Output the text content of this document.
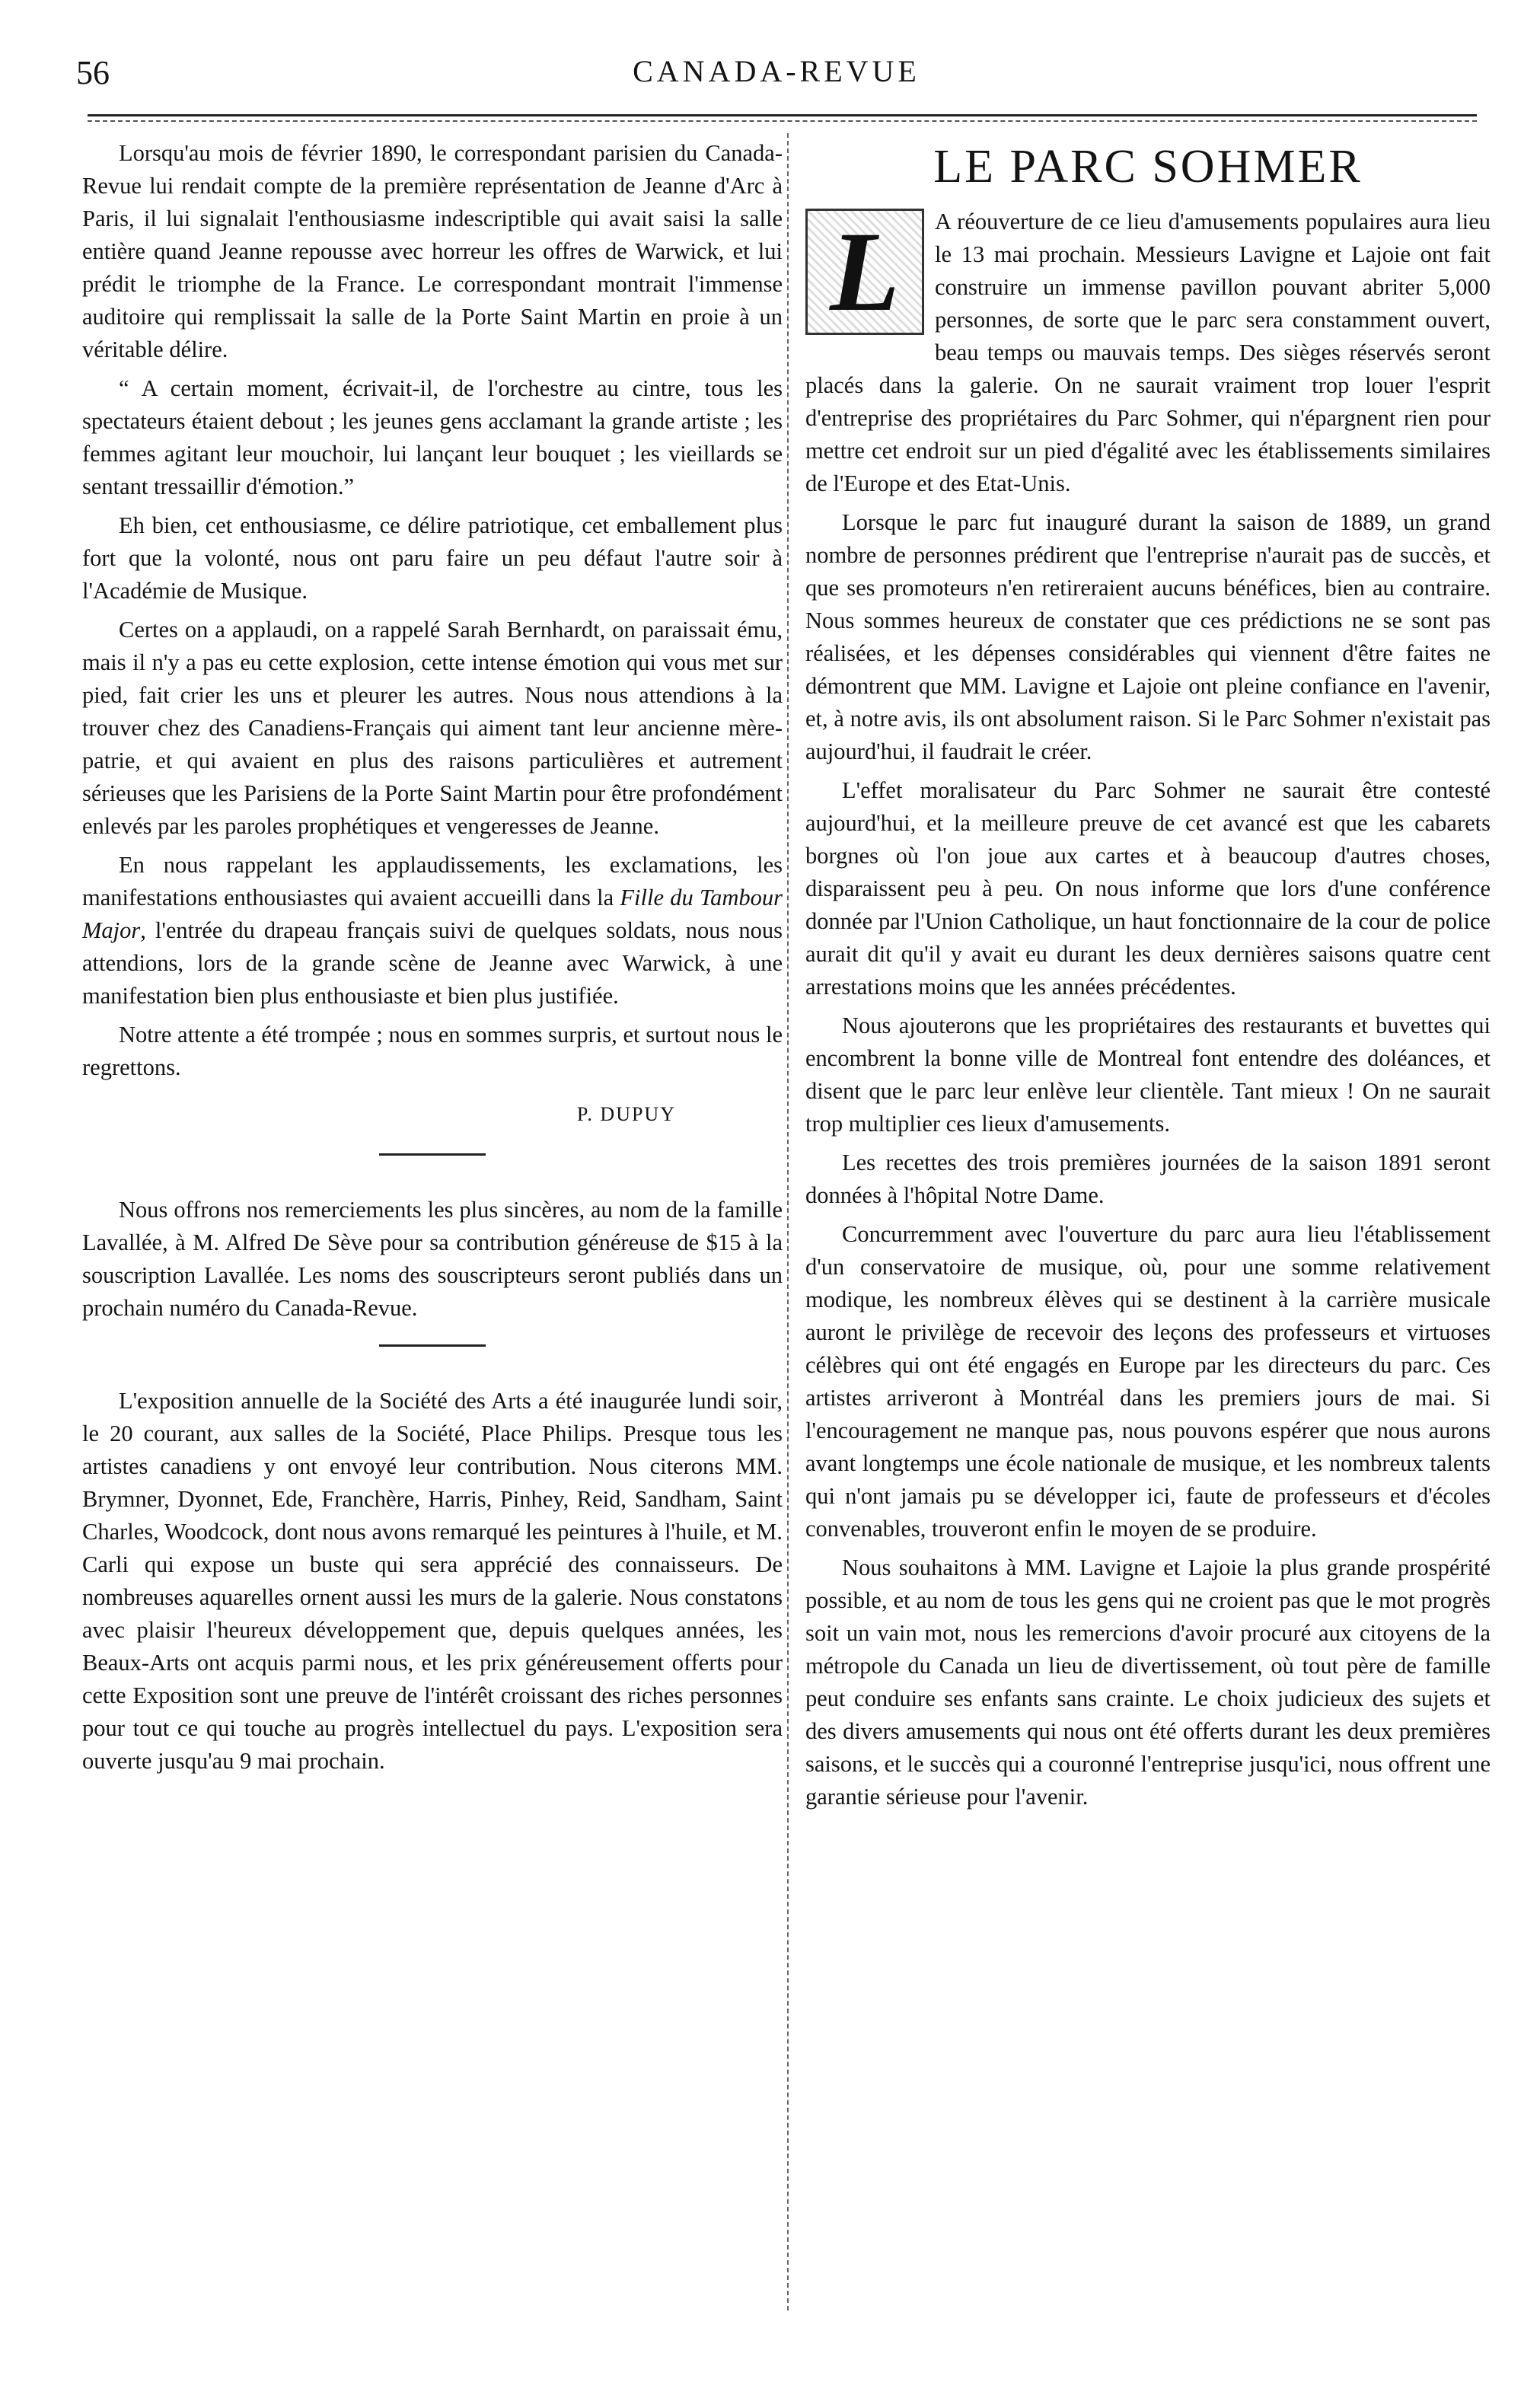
56	CANADA-REVUE

Lorsqu'au mois de février 1890, le correspondant parisien du Canada-Revue lui rendait compte de la première représentation de Jeanne d'Arc à Paris, il lui signalait l'enthousiasme indescriptible qui avait saisi la salle entière quand Jeanne repousse avec horreur les offres de Warwick, et lui prédit le triomphe de la France. Le correspondant montrait l'immense auditoire qui remplissait la salle de la Porte Saint Martin en proie à un véritable délire.

“ A certain moment, écrivait-il, de l'orchestre au cintre, tous les spectateurs étaient debout ; les jeunes gens acclamant la grande artiste ; les femmes agitant leur mouchoir, lui lançant leur bouquet ; les vieillards se sentant tressaillir d'émotion.”

Eh bien, cet enthousiasme, ce délire patriotique, cet emballement plus fort que la volonté, nous ont paru faire un peu défaut l'autre soir à l'Académie de Musique.

Certes on a applaudi, on a rappelé Sarah Bernhardt, on paraissait ému, mais il n'y a pas eu cette explosion, cette intense émotion qui vous met sur pied, fait crier les uns et pleurer les autres. Nous nous attendions à la trouver chez des Canadiens-Français qui aiment tant leur ancienne mère-patrie, et qui avaient en plus des raisons particulières et autrement sérieuses que les Parisiens de la Porte Saint Martin pour être profondément enlevés par les paroles prophétiques et vengeresses de Jeanne.

En nous rappelant les applaudissements, les exclamations, les manifestations enthousiastes qui avaient accueilli dans la Fille du Tambour Major, l'entrée du drapeau français suivi de quelques soldats, nous nous attendions, lors de la grande scène de Jeanne avec Warwick, à une manifestation bien plus enthousiaste et bien plus justifiée.

Notre attente a été trompée ; nous en sommes surpris, et surtout nous le regrettons.

P. DUPUY

Nous offrons nos remerciements les plus sincères, au nom de la famille Lavallée, à M. Alfred De Sève pour sa contribution généreuse de $15 à la souscription Lavallée. Les noms des souscripteurs seront publiés dans un prochain numéro du Canada-Revue.

L'exposition annuelle de la Société des Arts a été inaugurée lundi soir, le 20 courant, aux salles de la Société, Place Philips. Presque tous les artistes canadiens y ont envoyé leur contribution. Nous citerons MM. Brymner, Dyonnet, Ede, Franchère, Harris, Pinhey, Reid, Sandham, Saint Charles, Woodcock, dont nous avons remarqué les peintures à l'huile, et M. Carli qui expose un buste qui sera apprécié des connaisseurs. De nombreuses aquarelles ornent aussi les murs de la galerie. Nous constatons avec plaisir l'heureux développement que, depuis quelques années, les Beaux-Arts ont acquis parmi nous, et les prix généreusement offerts pour cette Exposition sont une preuve de l'intérêt croissant des riches personnes pour tout ce qui touche au progrès intellectuel du pays. L'exposition sera ouverte jusqu'au 9 mai prochain.

LE PARC SOHMER

L A réouverture de ce lieu d'amusements populaires aura lieu le 13 mai prochain. Messieurs Lavigne et Lajoie ont fait construire un immense pavillon pouvant abriter 5,000 personnes, de sorte que le parc sera constamment ouvert, beau temps ou mauvais temps. Des sièges réservés seront placés dans la galerie. On ne saurait vraiment trop louer l'esprit d'entreprise des propriétaires du Parc Sohmer, qui n'épargnent rien pour mettre cet endroit sur un pied d'égalité avec les établissements similaires de l'Europe et des Etat-Unis.

Lorsque le parc fut inauguré durant la saison de 1889, un grand nombre de personnes prédirent que l'entreprise n'aurait pas de succès, et que ses promoteurs n'en retireraient aucuns bénéfices, bien au contraire. Nous sommes heureux de constater que ces prédictions ne se sont pas réalisées, et les dépenses considérables qui viennent d'être faites ne démontrent que MM. Lavigne et Lajoie ont pleine confiance en l'avenir, et, à notre avis, ils ont absolument raison. Si le Parc Sohmer n'existait pas aujourd'hui, il faudrait le créer.

L'effet moralisateur du Parc Sohmer ne saurait être contesté aujourd'hui, et la meilleure preuve de cet avancé est que les cabarets borgnes où l'on joue aux cartes et à beaucoup d'autres choses, disparaissent peu à peu. On nous informe que lors d'une conférence donnée par l'Union Catholique, un haut fonctionnaire de la cour de police aurait dit qu'il y avait eu durant les deux dernières saisons quatre cent arrestations moins que les années précédentes.

Nous ajouterons que les propriétaires des restaurants et buvettes qui encombrent la bonne ville de Montreal font entendre des doléances, et disent que le parc leur enlève leur clientèle. Tant mieux ! On ne saurait trop multiplier ces lieux d'amusements.

Les recettes des trois premières journées de la saison 1891 seront données à l'hôpital Notre Dame.

Concurremment avec l'ouverture du parc aura lieu l'établissement d'un conservatoire de musique, où, pour une somme relativement modique, les nombreux élèves qui se destinent à la carrière musicale auront le privilège de recevoir des leçons des professeurs et virtuoses célèbres qui ont été engagés en Europe par les directeurs du parc. Ces artistes arriveront à Montréal dans les premiers jours de mai. Si l'encouragement ne manque pas, nous pouvons espérer que nous aurons avant longtemps une école nationale de musique, et les nombreux talents qui n'ont jamais pu se développer ici, faute de professeurs et d'écoles convenables, trouveront enfin le moyen de se produire.

Nous souhaitons à MM. Lavigne et Lajoie la plus grande prospérité possible, et au nom de tous les gens qui ne croient pas que le mot progrès soit un vain mot, nous les remercions d'avoir procuré aux citoyens de la métropole du Canada un lieu de divertissement, où tout père de famille peut conduire ses enfants sans crainte. Le choix judicieux des sujets et des divers amusements qui nous ont été offerts durant les deux premières saisons, et le succès qui a couronné l'entreprise jusqu'ici, nous offrent une garantie sérieuse pour l'avenir.
